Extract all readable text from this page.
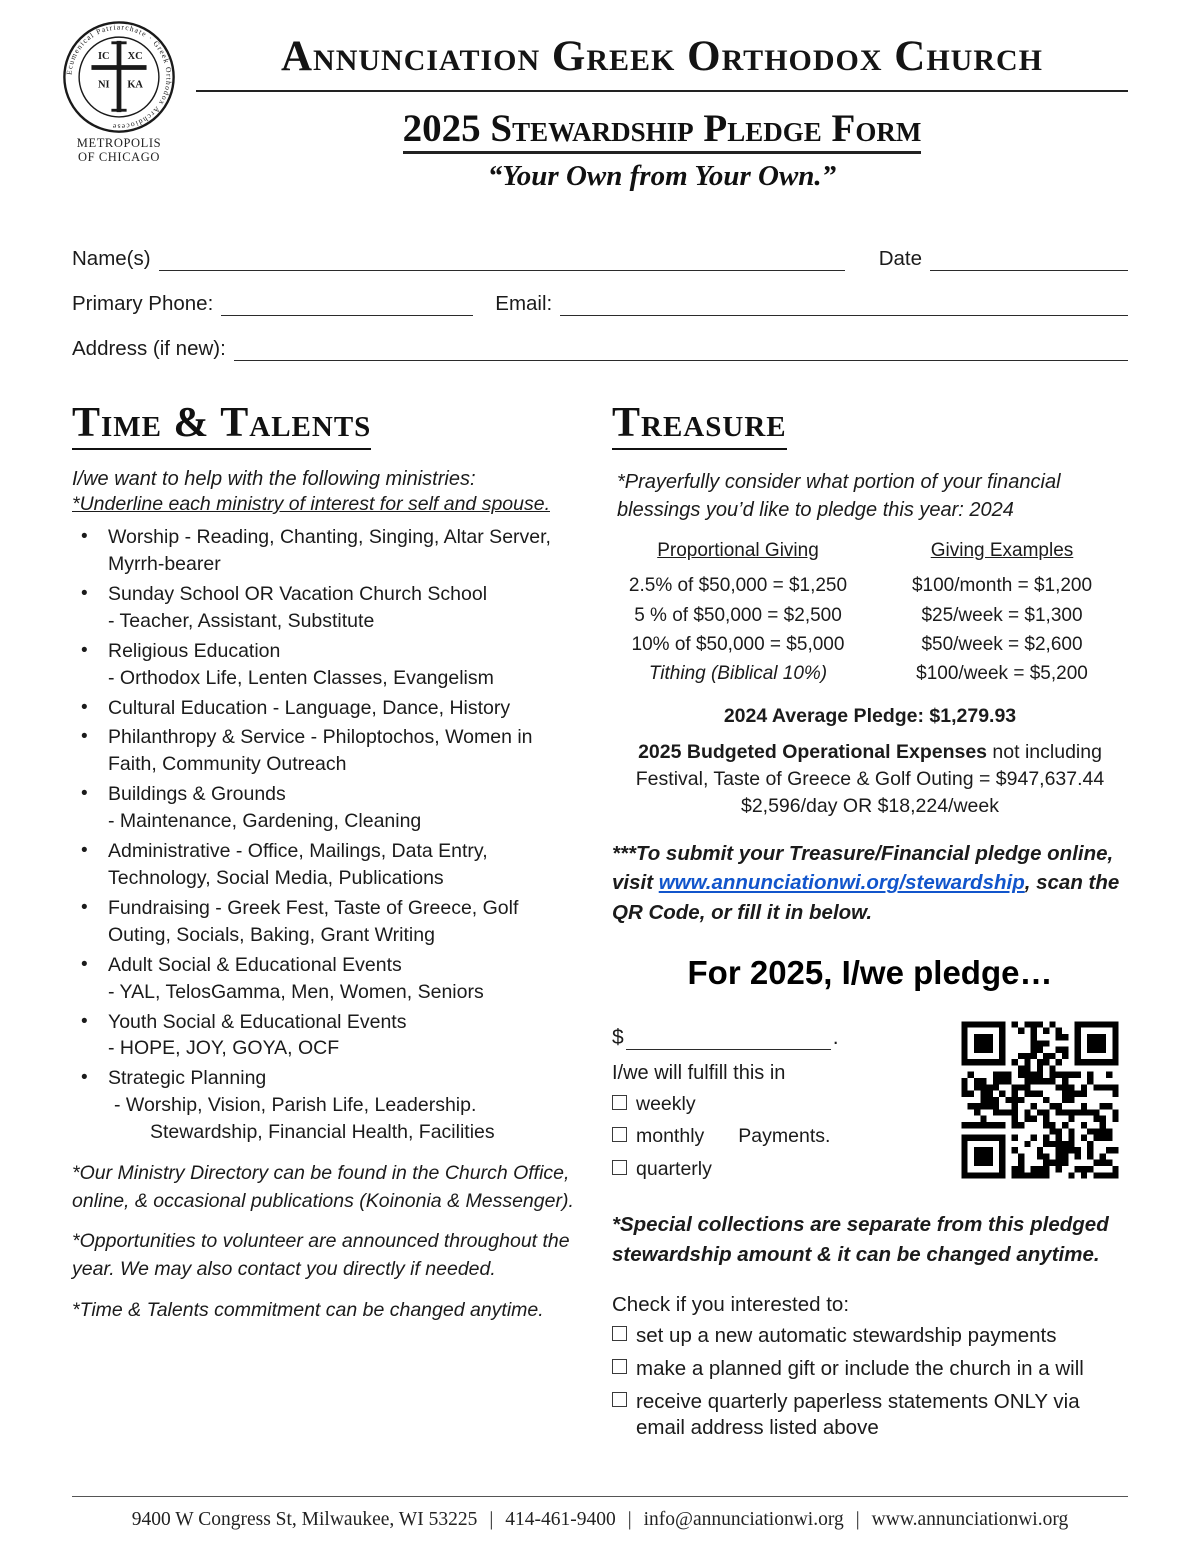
Ecumenical Patriarchate · Greek Orthodox Archdiocese
IC XC
NI KA
METROPOLIS
OF CHICAGO
Annunciation Greek Orthodox Church
2025 Stewardship Pledge Form
“Your Own from Your Own.”
Name(s)	Date
Primary Phone:	Email:
Address (if new):
Time & Talents

I/we want to help with the following ministries:

*Underline each ministry of interest for self and spouse.

• Worship - Reading, Chanting, Singing, Altar Server, Myrrh-bearer
• Sunday School OR Vacation Church School
- Teacher, Assistant, Substitute
• Religious Education
- Orthodox Life, Lenten Classes, Evangelism
• Cultural Education - Language, Dance, History
• Philanthropy & Service - Philoptochos, Women in Faith, Community Outreach
• Buildings & Grounds
- Maintenance, Gardening, Cleaning
• Administrative - Office, Mailings, Data Entry, Technology, Social Media, Publications
• Fundraising - Greek Fest, Taste of Greece, Golf Outing, Socials, Baking, Grant Writing
• Adult Social & Educational Events
- YAL, TelosGamma, Men, Women, Seniors
• Youth Social & Educational Events
- HOPE, JOY, GOYA, OCF
• Strategic Planning
- Worship, Vision, Parish Life, Leadership.
Stewardship, Financial Health, Facilities

*Our Ministry Directory can be found in the Church Office, online, & occasional publications (Koinonia & Messenger).

*Opportunities to volunteer are announced throughout the year. We may also contact you directly if needed.

*Time & Talents commitment can be changed anytime.

Treasure

*Prayerfully consider what portion of your financial blessings you’d like to pledge this year: 2024

Proportional Giving	Giving Examples
2.5% of $50,000 = $1,250	$100/month = $1,200
5 % of $50,000 = $2,500	$25/week = $1,300
10% of $50,000 = $5,000	$50/week = $2,600
Tithing (Biblical 10%)	$100/week = $5,200

2024 Average Pledge: $1,279.93

2025 Budgeted Operational Expenses not including Festival, Taste of Greece & Golf Outing = $947,637.44
$2,596/day OR $18,224/week

***To submit your Treasure/Financial pledge online, visit www.annunciationwi.org/stewardship, scan the QR Code, or fill it in below.

For 2025, I/we pledge…
$	.
I/we will fulfill this in
weekly
monthly Payments.
quarterly

*Special collections are separate from this pledged stewardship amount & it can be changed anytime.

Check if you interested to:
set up a new automatic stewardship payments
make a planned gift or include the church in a will
receive quarterly paperless statements ONLY via email address listed above
9400 W Congress St, Milwaukee, WI 53225 | 414-461-9400 | info@annunciationwi.org | www.annunciationwi.org
